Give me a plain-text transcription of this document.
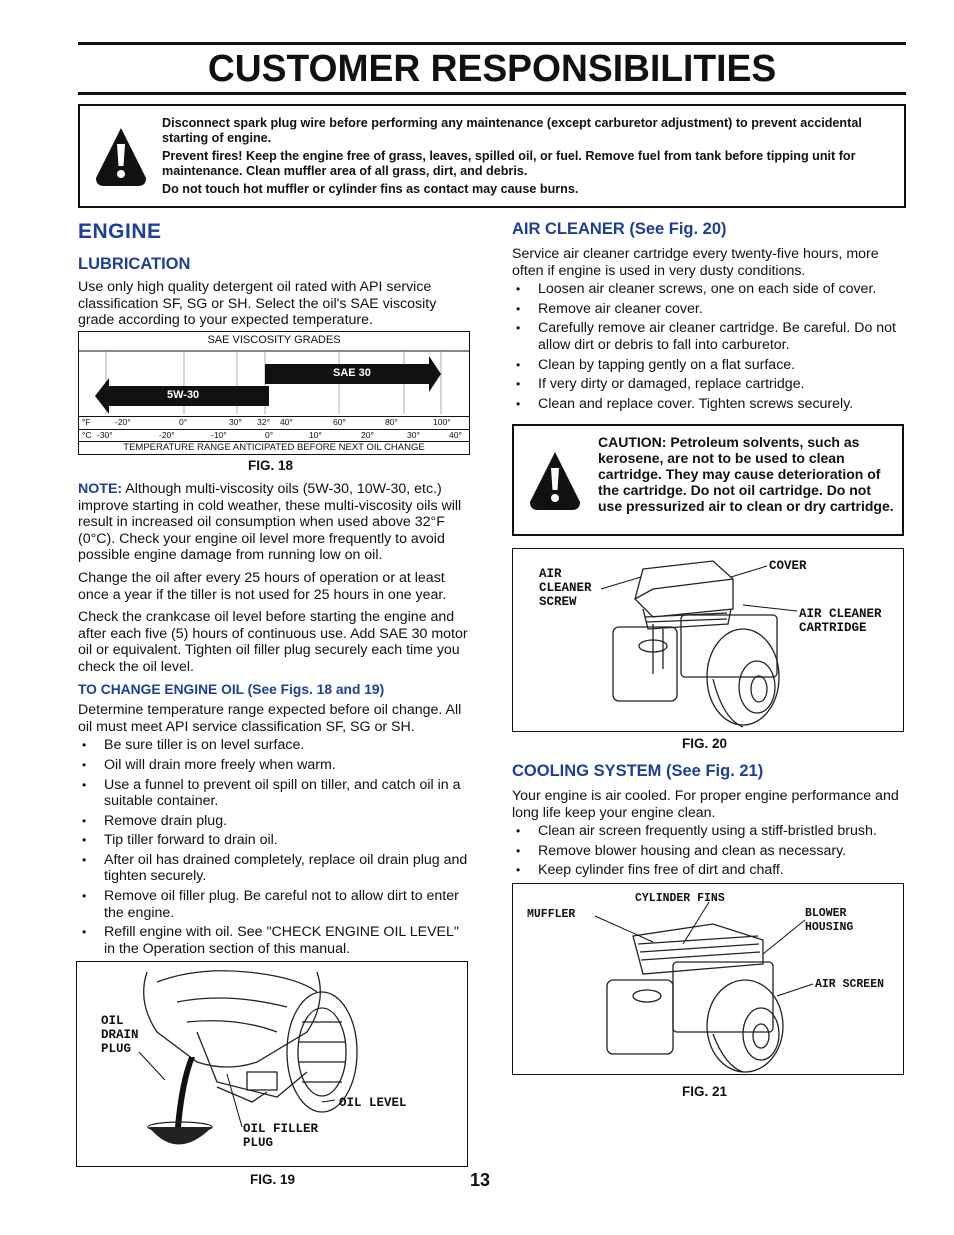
CUSTOMER RESPONSIBILITIES

Disconnect spark plug wire before performing any maintenance (except carburetor adjustment) to prevent accidental starting of engine.

Prevent fires! Keep the engine free of grass, leaves, spilled oil, or fuel. Remove fuel from tank before tipping unit for maintenance. Clean muffler area of all grass, dirt, and debris.

Do not touch hot muffler or cylinder fins as contact may cause burns.

ENGINE
LUBRICATION
Use only high quality detergent oil rated with API service classification SF, SG or SH. Select the oil's SAE viscosity grade according to your expected temperature.
SAE VISCOSITY GRADES
SAE 30
5W-30
°F	-20°	0°	30° 32° 40°	60°	80°	100°
°C -30°	-20°	-10°	0°	10°	20°	30°	40°
TEMPERATURE RANGE ANTICIPATED BEFORE NEXT OIL CHANGE
FIG. 18

NOTE: Although multi-viscosity oils (5W-30, 10W-30, etc.) improve starting in cold weather, these multi-viscosity oils will result in increased oil consumption when used above 32°F (0°C). Check your engine oil level more frequently to avoid possible engine damage from running low on oil.

Change the oil after every 25 hours of operation or at least once a year if the tiller is not used for 25 hours in one year.

Check the crankcase oil level before starting the engine and after each five (5) hours of continuous use. Add SAE 30 motor oil or equivalent. Tighten oil filler plug securely each time you check the oil level.

TO CHANGE ENGINE OIL (See Figs. 18 and 19)

Determine temperature range expected before oil change. All oil must meet API service classification SF, SG or SH.

• Be sure tiller is on level surface.
• Oil will drain more freely when warm.
• Use a funnel to prevent oil spill on tiller, and catch oil in a suitable container.
• Remove drain plug.
• Tip tiller forward to drain oil.
• After oil has drained completely, replace oil drain plug and tighten securely.
• Remove oil filler plug. Be careful not to allow dirt to enter the engine.
• Refill engine with oil. See "CHECK ENGINE OIL LEVEL" in the Operation section of this manual.
OIL
DRAIN
PLUG
OIL LEVEL
OIL FILLER
PLUG
FIG. 19	13
AIR CLEANER (See Fig. 20)

Service air cleaner cartridge every twenty-five hours, more often if engine is used in very dusty conditions.

• Loosen air cleaner screws, one on each side of cover.
• Remove air cleaner cover.
• Carefully remove air cleaner cartridge. Be careful. Do not allow dirt or debris to fall into carburetor.
• Clean by tapping gently on a flat surface.
• If very dirty or damaged, replace cartridge.
• Clean and replace cover. Tighten screws securely.
CAUTION: Petroleum solvents, such as kerosene, are not to be used to clean cartridge. They may cause deterioration of the cartridge. Do not oil cartridge. Do not use pressurized air to clean or dry cartridge.
AIR
CLEANER
SCREW
COVER
AIR CLEANER
CARTRIDGE
FIG. 20
COOLING SYSTEM (See Fig. 21)

Your engine is air cooled. For proper engine performance and long life keep your engine clean.

• Clean air screen frequently using a stiff-bristled brush.
• Remove blower housing and clean as necessary.
• Keep cylinder fins free of dirt and chaff.
CYLINDER FINS
MUFFLER	BLOWER
HOUSING
AIR SCREEN
FIG. 21
